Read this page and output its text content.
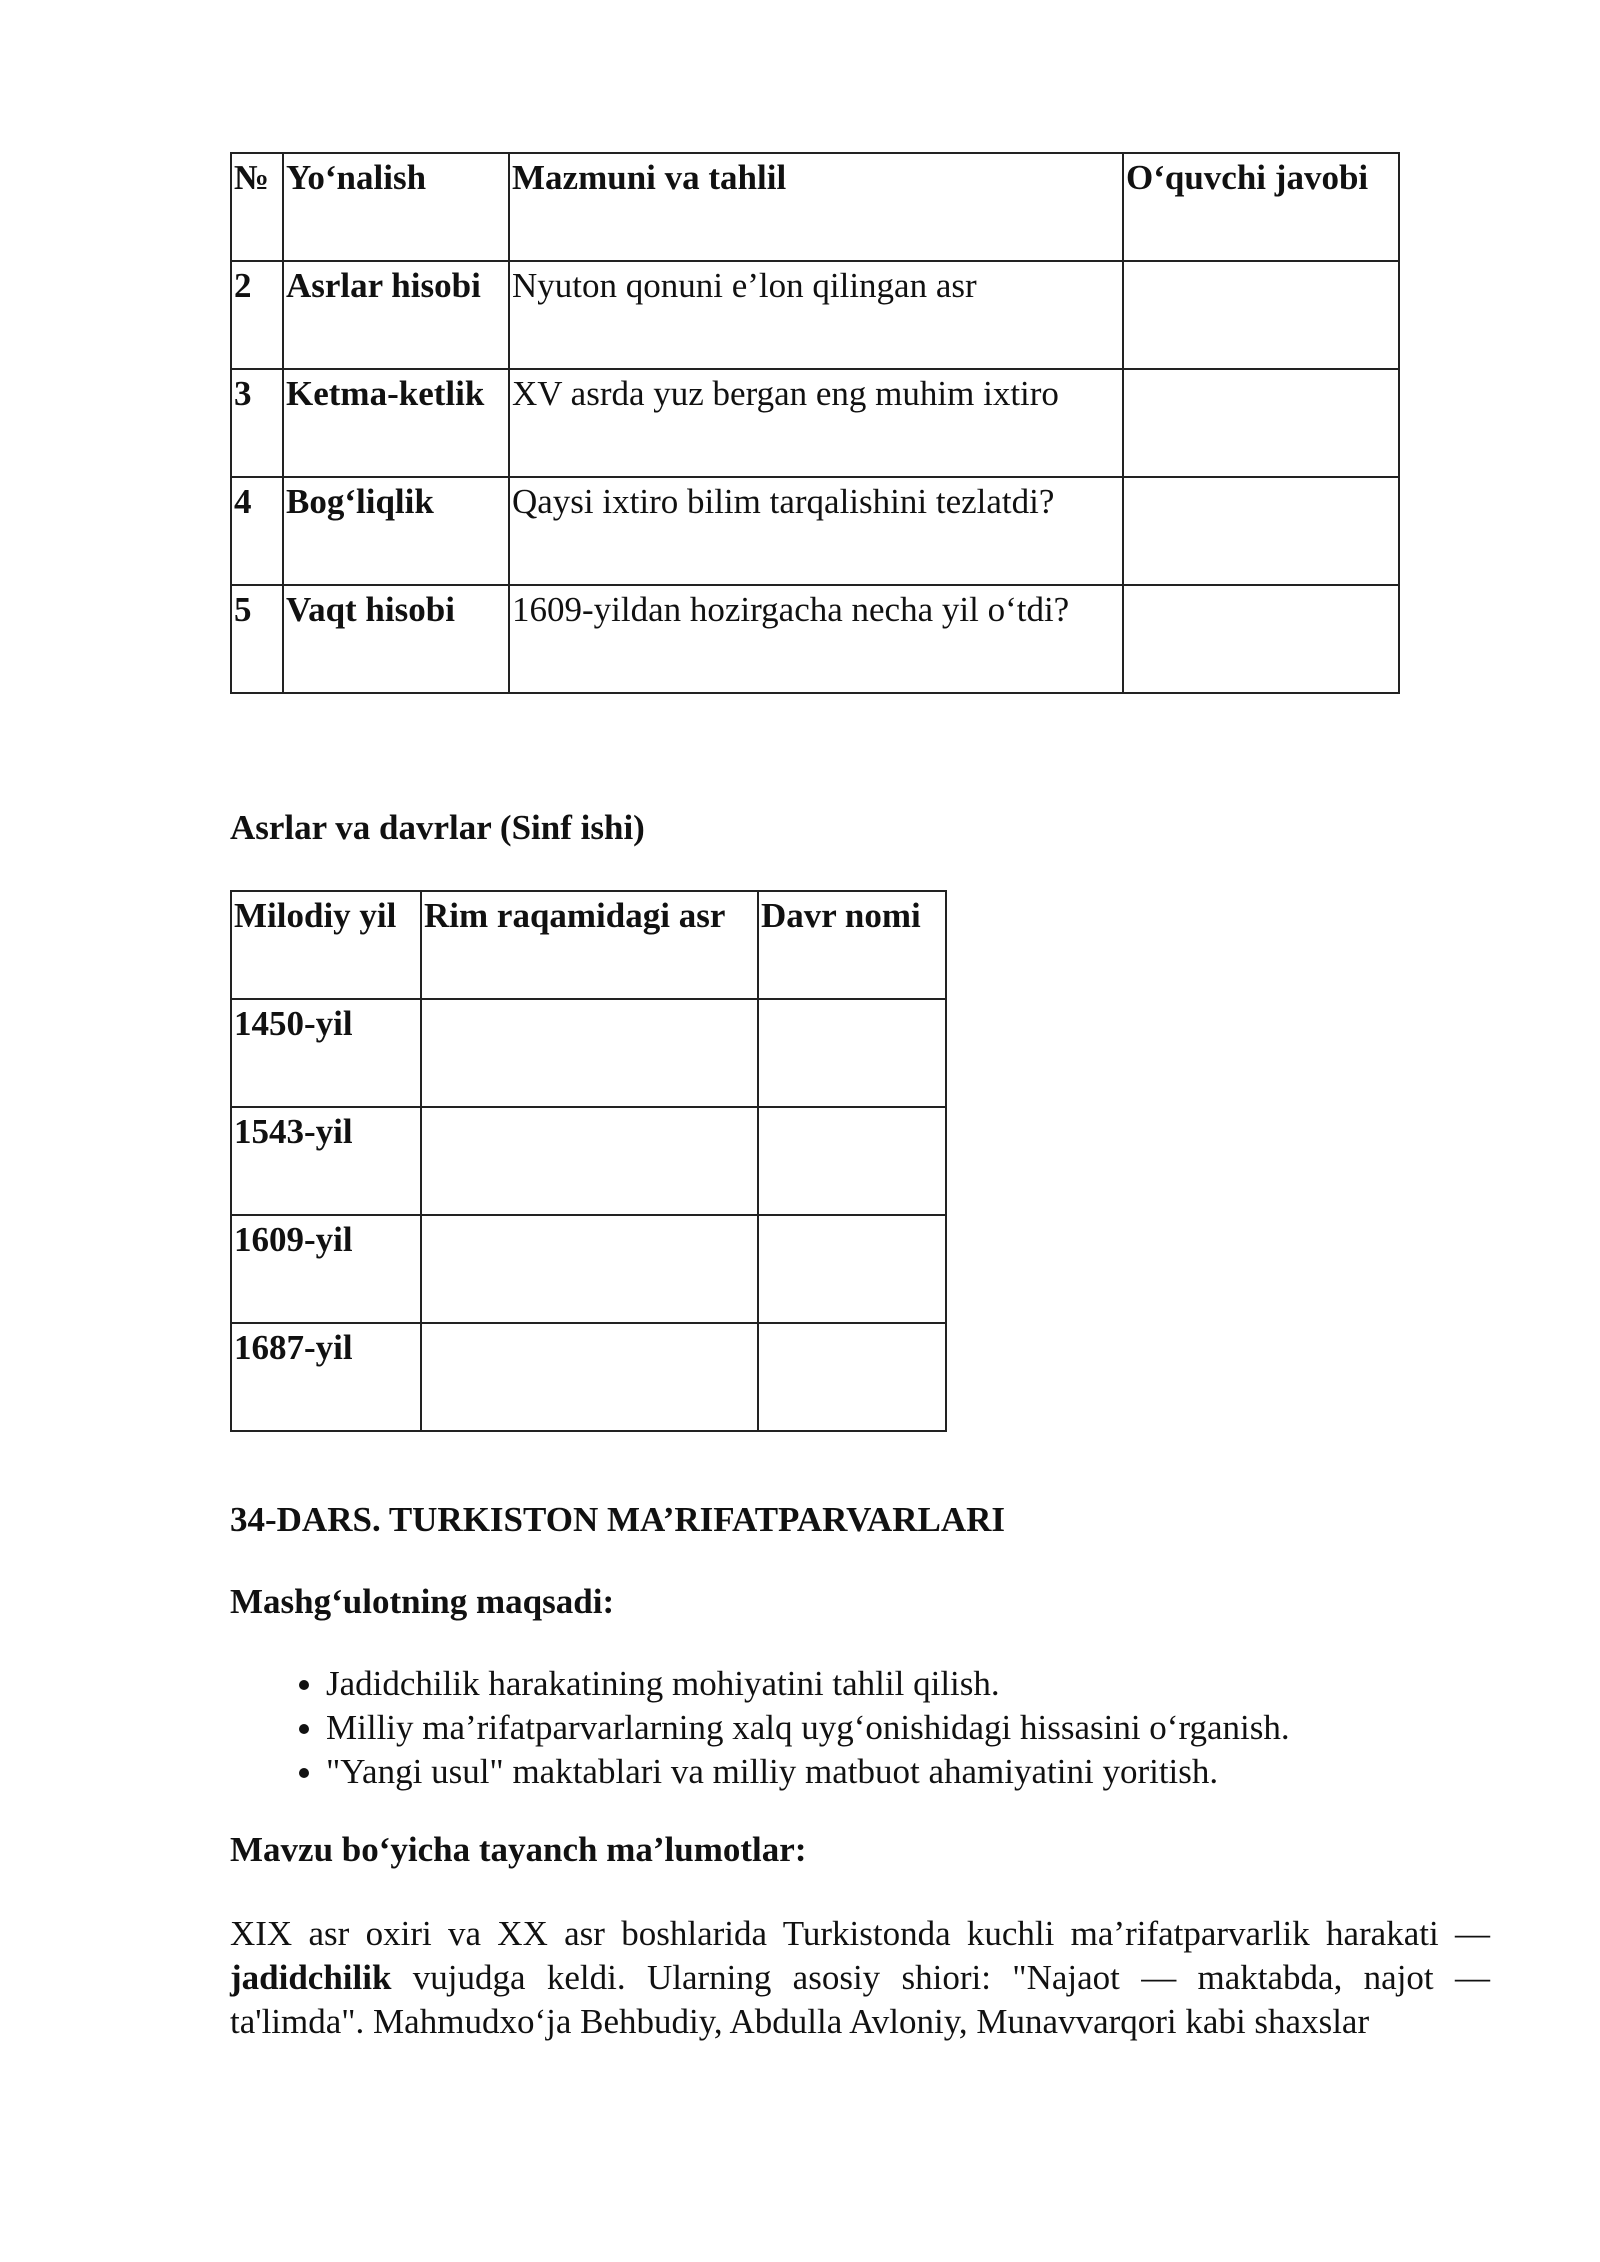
№	Yo‘nalish	Mazmuni va tahlil	O‘quvchi javobi
2	Asrlar hisobi	Nyuton qonuni e’lon qilingan asr	
3	Ketma-ketlik	XV asrda yuz bergan eng muhim ixtiro	
4	Bog‘liqlik	Qaysi ixtiro bilim tarqalishini tezlatdi?	
5	Vaqt hisobi	1609-yildan hozirgacha necha yil o‘tdi?	
Asrlar va davrlar (Sinf ishi)
Milodiy yil	Rim raqamidagi asr	Davr nomi
1450-yil		
1543-yil		
1609-yil		
1687-yil		
34-DARS. TURKISTON MA’RIFATPARVARLARI
Mashg‘ulotning maqsadi:
• Jadidchilik harakatining mohiyatini tahlil qilish.
• Milliy ma’rifatparvarlarning xalq uyg‘onishidagi hissasini o‘rganish.
• "Yangi usul" maktablari va milliy matbuot ahamiyatini yoritish.
Mavzu bo‘yicha tayanch ma’lumotlar:

XIX asr oxiri va XX asr boshlarida Turkistonda kuchli ma’rifatparvarlik harakati — jadidchilik vujudga keldi. Ularning asosiy shiori: "Najaot — maktabda, najot — ta'limda". Mahmudxo‘ja Behbudiy, Abdulla Avloniy, Munavvarqori kabi shaxslar
